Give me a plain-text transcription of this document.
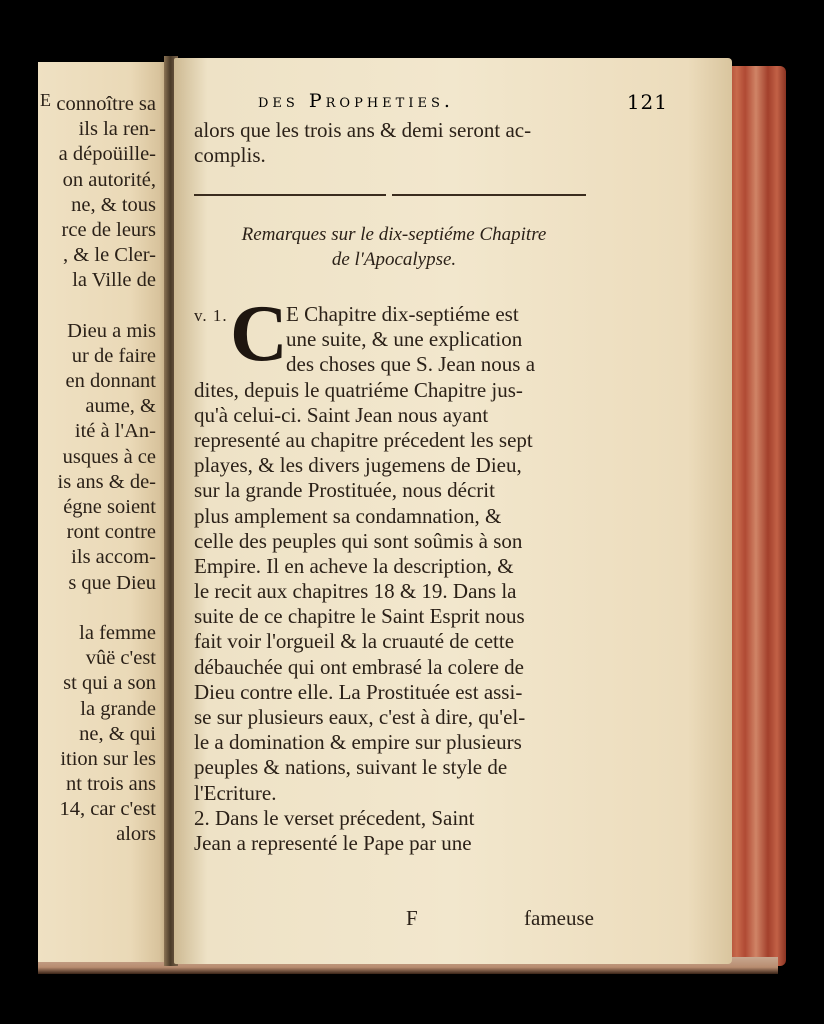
E connoître sa
ils la ren-
a dépoüille-
on autorité,
ne, & tous
rce de leurs
, & le Cler-
la Ville de
Dieu a mis
ur de faire
en donnant
aume, &
ité à l'An-
usques à ce
is ans & de-
égne soient
ront contre
ils accom-
s que Dieu
la femme
vûë c'est
st qui a son
la grande
ne, & qui
ition sur les
nt trois ans
14, car c'est
alors
des Propheties.	121
alors que les trois ans & demi seront ac-
complis.
Remarques sur le dix-septiéme Chapitre
de l'Apocalypse.
v. 1. C
E Chapitre dix-septiéme est
une suite, & une explication
des choses que S. Jean nous a
dites, depuis le quatriéme Chapitre jus-
qu'à celui-ci. Saint Jean nous ayant
representé au chapitre précedent les sept
playes, & les divers jugemens de Dieu,
sur la grande Prostituée, nous décrit
plus amplement sa condamnation, &
celle des peuples qui sont soûmis à son
Empire. Il en acheve la description, &
le recit aux chapitres 18 & 19. Dans la
suite de ce chapitre le Saint Esprit nous
fait voir l'orgueil & la cruauté de cette
débauchée qui ont embrasé la colere de
Dieu contre elle. La Prostituée est assi-
se sur plusieurs eaux, c'est à dire, qu'el-
le a domination & empire sur plusieurs
peuples & nations, suivant le style de
l'Ecriture.
2. Dans le verset précedent, Saint
Jean a representé le Pape par une
F	fameuse
